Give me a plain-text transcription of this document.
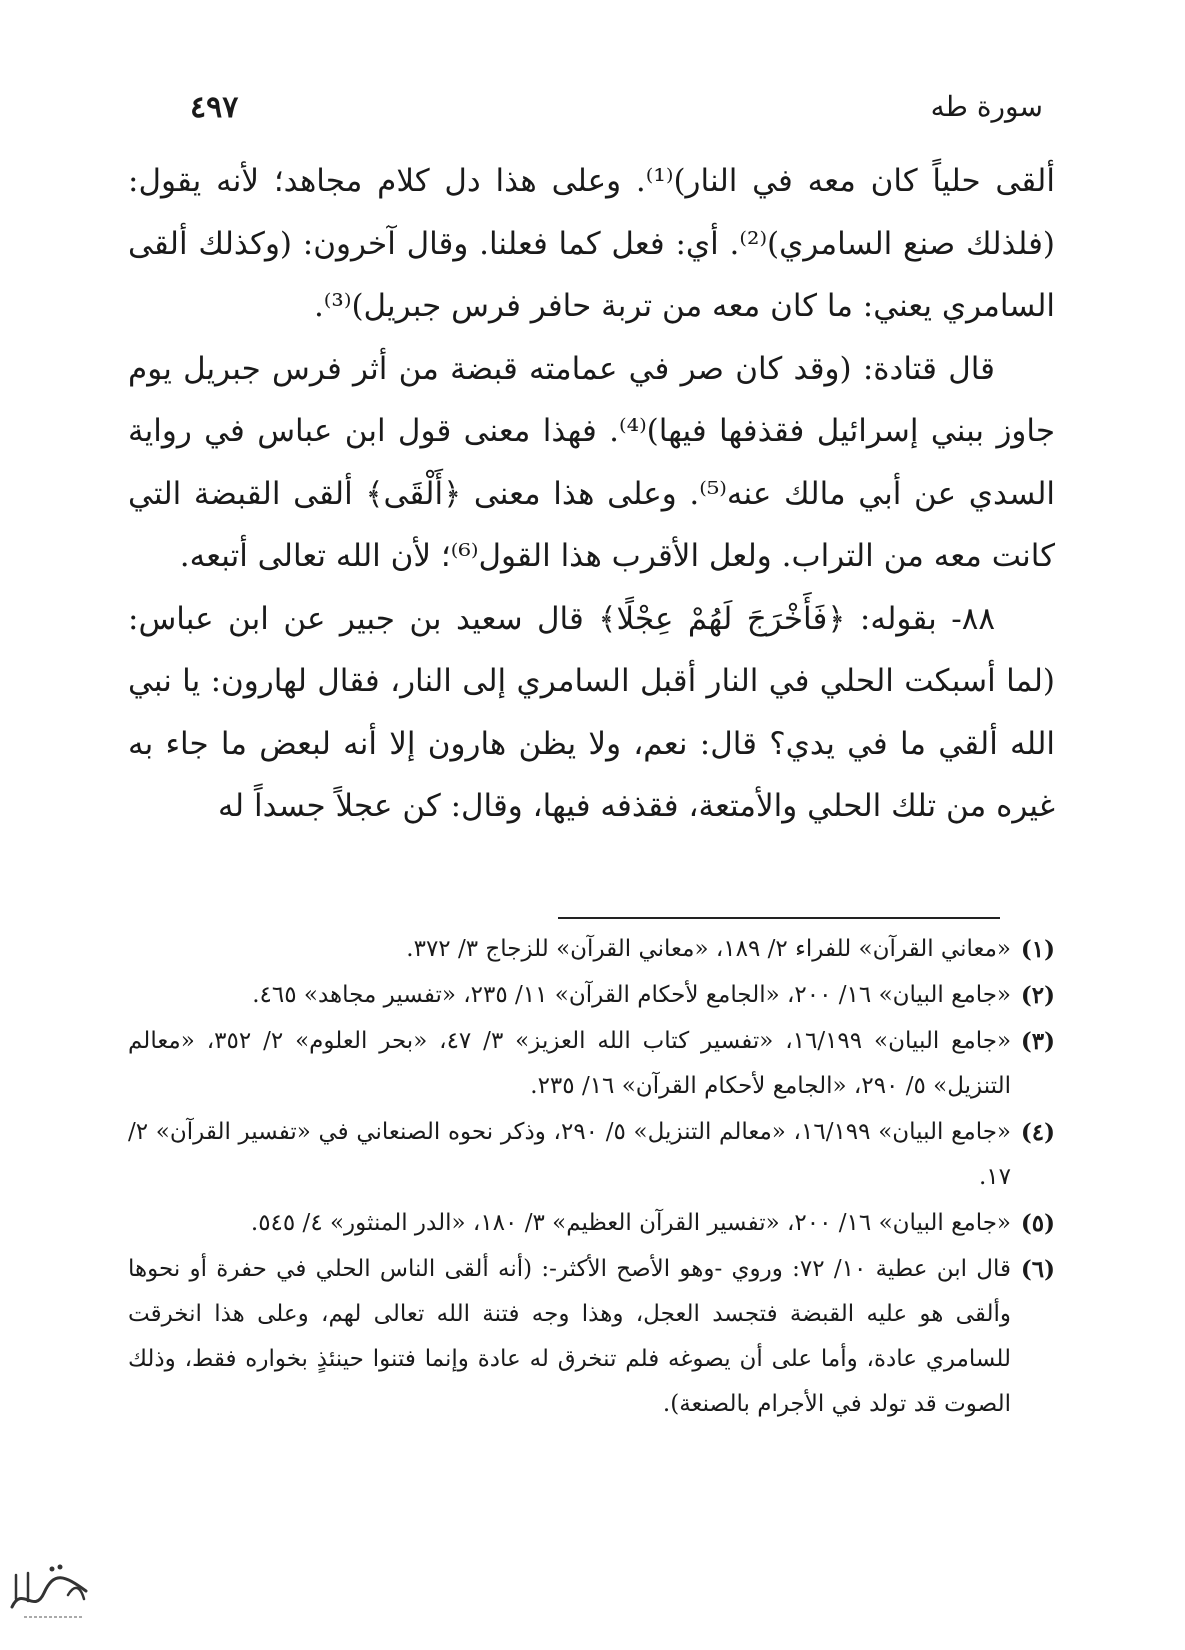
٤٩٧	سورة طه

ألقى حلياً كان معه في النار)⁽¹⁾. وعلى هذا دل كلام مجاهد؛ لأنه يقول: (فلذلك صنع السامري)⁽²⁾. أي: فعل كما فعلنا. وقال آخرون: (وكذلك ألقى السامري يعني: ما كان معه من تربة حافر فرس جبريل)⁽³⁾.

قال قتادة: (وقد كان صر في عمامته قبضة من أثر فرس جبريل يوم جاوز ببني إسرائيل فقذفها فيها)⁽⁴⁾. فهذا معنى قول ابن عباس في رواية السدي عن أبي مالك عنه⁽⁵⁾. وعلى هذا معنى ﴿أَلْقَى﴾ ألقى القبضة التي كانت معه من التراب. ولعل الأقرب هذا القول⁽⁶⁾؛ لأن الله تعالى أتبعه.

٨٨- بقوله: ﴿فَأَخْرَجَ لَهُمْ عِجْلًا﴾ قال سعيد بن جبير عن ابن عباس: (لما أسبكت الحلي في النار أقبل السامري إلى النار، فقال لهارون: يا نبي الله ألقي ما في يدي؟ قال: نعم، ولا يظن هارون إلا أنه لبعض ما جاء به غيره من تلك الحلي والأمتعة، فقذفه فيها، وقال: كن عجلاً جسداً له

(١)
«معاني القرآن» للفراء ٢/ ١٨٩، «معاني القرآن» للزجاج ٣/ ٣٧٢.
(٢)
«جامع البيان» ١٦/ ٢٠٠، «الجامع لأحكام القرآن» ١١/ ٢٣٥، «تفسير مجاهد» ٤٦٥.
(٣)
«جامع البيان» ١٦/١٩٩، «تفسير كتاب الله العزيز» ٣/ ٤٧، «بحر العلوم» ٢/ ٣٥٢، «معالم التنزيل» ٥/ ٢٩٠، «الجامع لأحكام القرآن» ١٦/ ٢٣٥.
(٤)
«جامع البيان» ١٦/١٩٩، «معالم التنزيل» ٥/ ٢٩٠، وذكر نحوه الصنعاني في «تفسير القرآن» ٢/ ١٧.
(٥)
«جامع البيان» ١٦/ ٢٠٠، «تفسير القرآن العظيم» ٣/ ١٨٠، «الدر المنثور» ٤/ ٥٤٥.
(٦)
قال ابن عطية ١٠/ ٧٢: وروي -وهو الأصح الأكثر-: (أنه ألقى الناس الحلي في حفرة أو نحوها وألقى هو عليه القبضة فتجسد العجل، وهذا وجه فتنة الله تعالى لهم، وعلى هذا انخرقت للسامري عادة، وأما على أن يصوغه فلم تنخرق له عادة وإنما فتنوا حينئذٍ بخواره فقط، وذلك الصوت قد تولد في الأجرام بالصنعة).
